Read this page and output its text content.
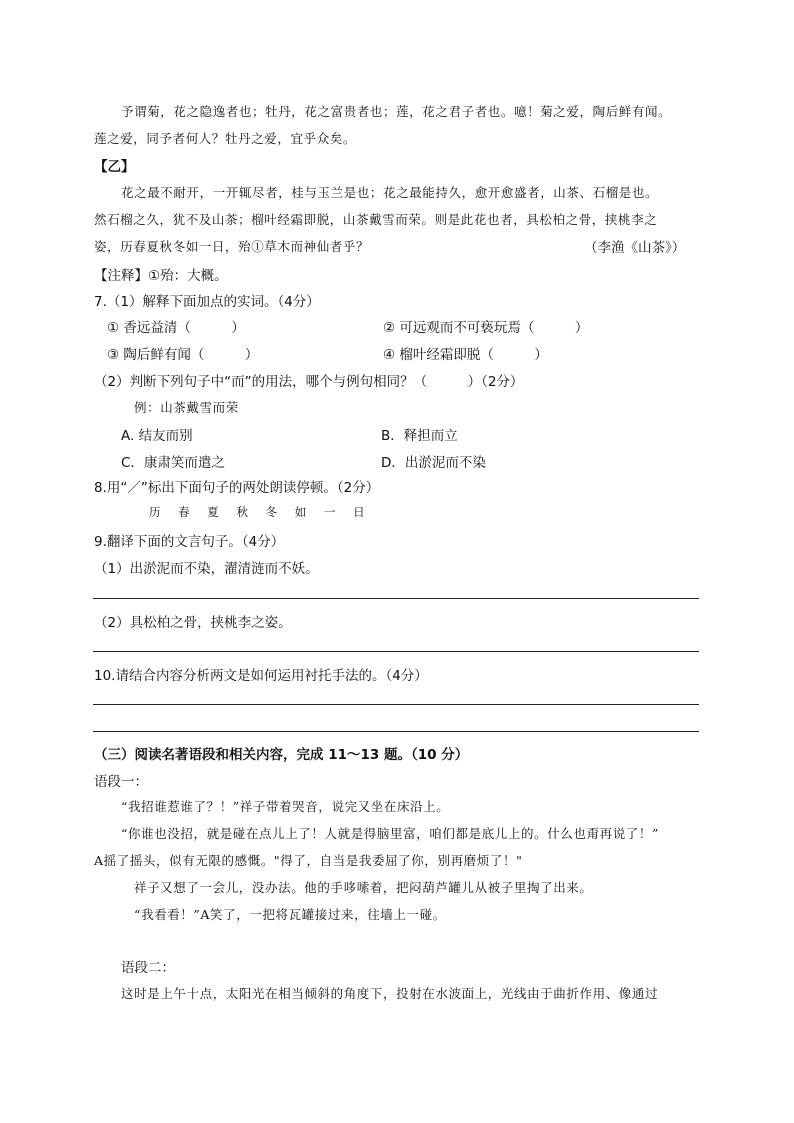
予谓菊，花之隐逸者也；牡丹，花之富贵者也；莲，花之君子者也。噫！菊之爱，陶后鲜有闻。
莲之爱，同予者何人？牡丹之爱，宜乎众矣。
【乙】
花之最不耐开，一开辄尽者，桂与玉兰是也；花之最能持久，愈开愈盛者，山茶、石榴是也。
然石榴之久，犹不及山茶；榴叶经霜即脱，山茶戴雪而荣。则是此花也者，具松柏之骨，挟桃李之
姿，历春夏秋冬如一日，殆①草木而神仙者乎？	（李渔《山茶》）
【注释】①殆：大概。
7.（1）解释下面加点的实词。（4分）
① 香远益清（　　　）	② 可远观而不可亵玩焉（　　　）
③ 陶后鲜有闻（　　　）	④ 榴叶经霜即脱（　　　）
（2）判断下列句子中“而”的用法，哪个与例句相同？（　　　）（2分）
例：山茶戴雪而荣
A. 结友而别	B．释担而立
C．康肃笑而遣之	D．出淤泥而不染
8.用“／”标出下面句子的两处朗读停顿。（2分）
历 春 夏 秋 冬 如 一 日
9.翻译下面的文言句子。（4分）
（1）出淤泥而不染，濯清涟而不妖。
（2）具松柏之骨，挟桃李之姿。
10.请结合内容分析两文是如何运用衬托手法的。（4分）
（三）阅读名著语段和相关内容，完成 11～13 题。（10 分）
语段一：
“我招谁惹谁了？！”祥子带着哭音，说完又坐在床沿上。
“你谁也没招，就是碰在点儿上了！人就是得脑里富，咱们都是底儿上的。什么也甭再说了！”
A摇了摇头，似有无限的感慨。"得了，自当是我委屈了你，别再磨烦了！"
祥子又想了一会儿，没办法。他的手哆嗦着，把闷葫芦罐儿从被子里掏了出来。
“我看看！”A笑了，一把将瓦罐接过来，往墙上一碰。
语段二：
这时是上午十点，太阳光在相当倾斜的角度下，投射在水波面上，光线由于曲折作用、像通过
